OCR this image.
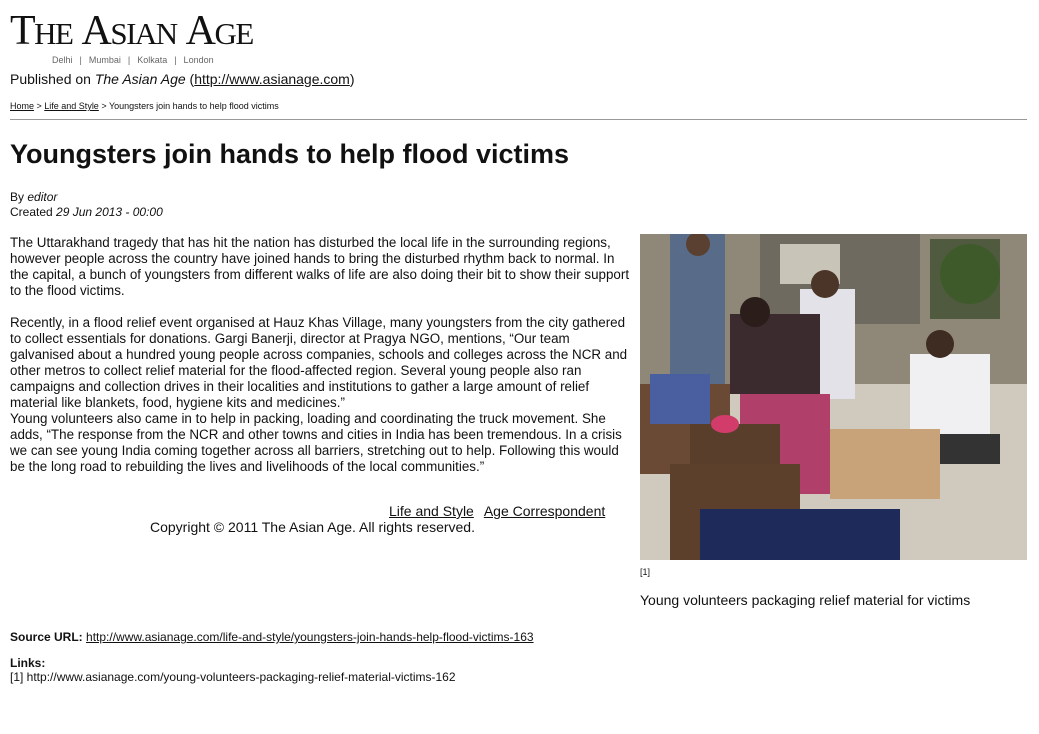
THE ASIAN AGE
Delhi  |  Mumbai  |  Kolkata  |  London
Published on The Asian Age (http://www.asianage.com)
Home > Life and Style > Youngsters join hands to help flood victims
Youngsters join hands to help flood victims
By editor
Created 29 Jun 2013 - 00:00

The Uttarakhand tragedy that has hit the nation has disturbed the local life in the surrounding regions, however people across the country have joined hands to bring the disturbed rhythm back to normal. In the capital, a bunch of youngsters from different walks of life are also doing their bit to show their support to the flood victims.

Recently, in a flood relief event organised at Hauz Khas Village, many youngsters from the city gathered to collect essentials for donations. Gargi Banerji, director at Pragya NGO, mentions, “Our team galvanised about a hundred young people across companies, schools and colleges across the NCR and other metros to collect relief material for the flood-affected region. Several young people also ran campaigns and collection drives in their localities and institutions to gather a large amount of relief material like blankets, food, hygiene kits and medicines.”

Young volunteers also came in to help in packing, loading and coordinating the truck movement. She adds, “The response from the NCR and other towns and cities in India has been tremendous. In a crisis we can see young India coming together across all barriers, stretching out to help. Following this would be the long road to rebuilding the lives and livelihoods of the local communities.”

Life and Style Age Correspondent
Copyright © 2011 The Asian Age. All rights reserved.
[1]
Young volunteers packaging relief material for victims
Source URL: http://www.asianage.com/life-and-style/youngsters-join-hands-help-flood-victims-163
Links:
[1] http://www.asianage.com/young-volunteers-packaging-relief-material-victims-162
